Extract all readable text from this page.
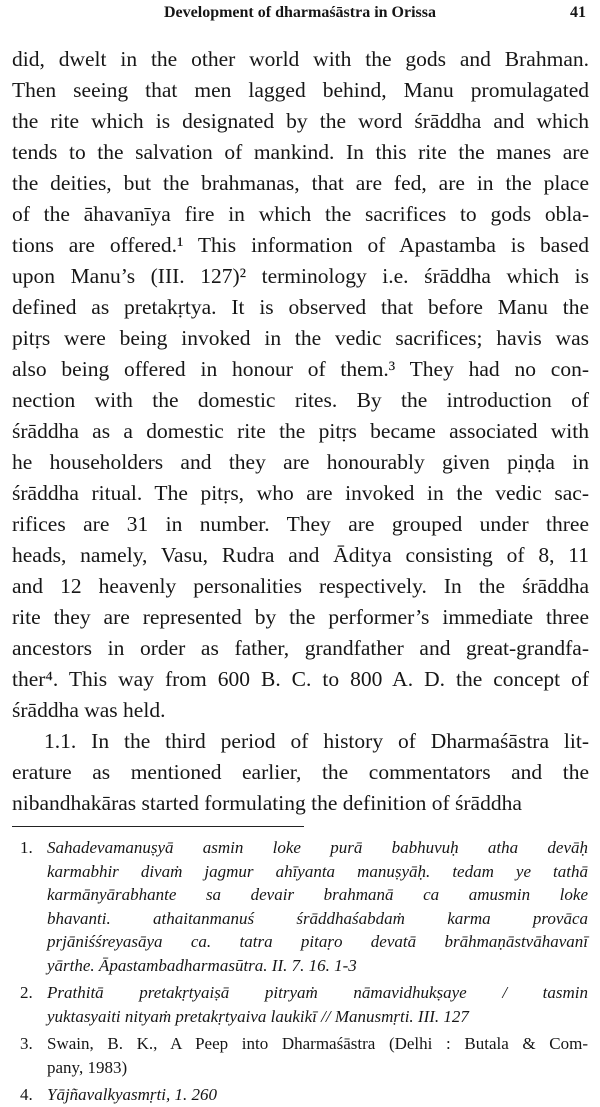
Development of dharmaśāstra in Orissa	41

did, dwelt in the other world with the gods and Brahman.
Then seeing that men lagged behind, Manu promulagated
the rite which is designated by the word śrāddha and which
tends to the salvation of mankind. In this rite the manes are
the deities, but the brahmanas, that are fed, are in the place
of the āhavanīya fire in which the sacrifices to gods obla-
tions are offered.¹ This information of Apastamba is based
upon Manu’s (III. 127)² terminology i.e. śrāddha which is
defined as pretakṛtya. It is observed that before Manu the
pitṛs were being invoked in the vedic sacrifices; havis was
also being offered in honour of them.³ They had no con-
nection with the domestic rites. By the introduction of
śrāddha as a domestic rite the pitṛs became associated with
he householders and they are honourably given piṇḍa in
śrāddha ritual. The pitṛs, who are invoked in the vedic sac-
rifices are 31 in number. They are grouped under three
heads, namely, Vasu, Rudra and Āditya consisting of 8, 11
and 12 heavenly personalities respectively. In the śrāddha
rite they are represented by the performer’s immediate three
ancestors in order as father, grandfather and great-grandfa-
ther⁴. This way from 600 B. C. to 800 A. D. the concept of
śrāddha was held.

1.1. In the third period of history of Dharmaśāstra lit-
erature as mentioned earlier, the commentators and the
nibandhakāras started formulating the definition of śrāddha

1. Sahadevamanuṣyā asmin loke purā babhuvuḥ atha devāḥ
karmabhir divaṁ jagmur ahīyanta manuṣyāḥ. tedam ye tathā
karmānyārabhante sa devair brahmanā ca amusmin loke
bhavanti. athaitanmanuś śrāddhaśabdaṁ karma provāca
prjāniśśreyasāya ca. tatra pitaṛo devatā brāhmaṇāstvāhavanī
yārthe. Āpastambadharmasūtra. II. 7. 16. 1-3
2. Prathitā pretakṛtyaiṣā pitryaṁ nāmavidhukṣaye / tasmin
yuktasyaiti nityaṁ pretakṛtyaiva laukikī // Manusmṛti. III. 127
3. Swain, B. K., A Peep into Dharmaśāstra (Delhi : Butala & Com-
pany, 1983)
4. Yājñavalkyasmṛti, 1. 260
